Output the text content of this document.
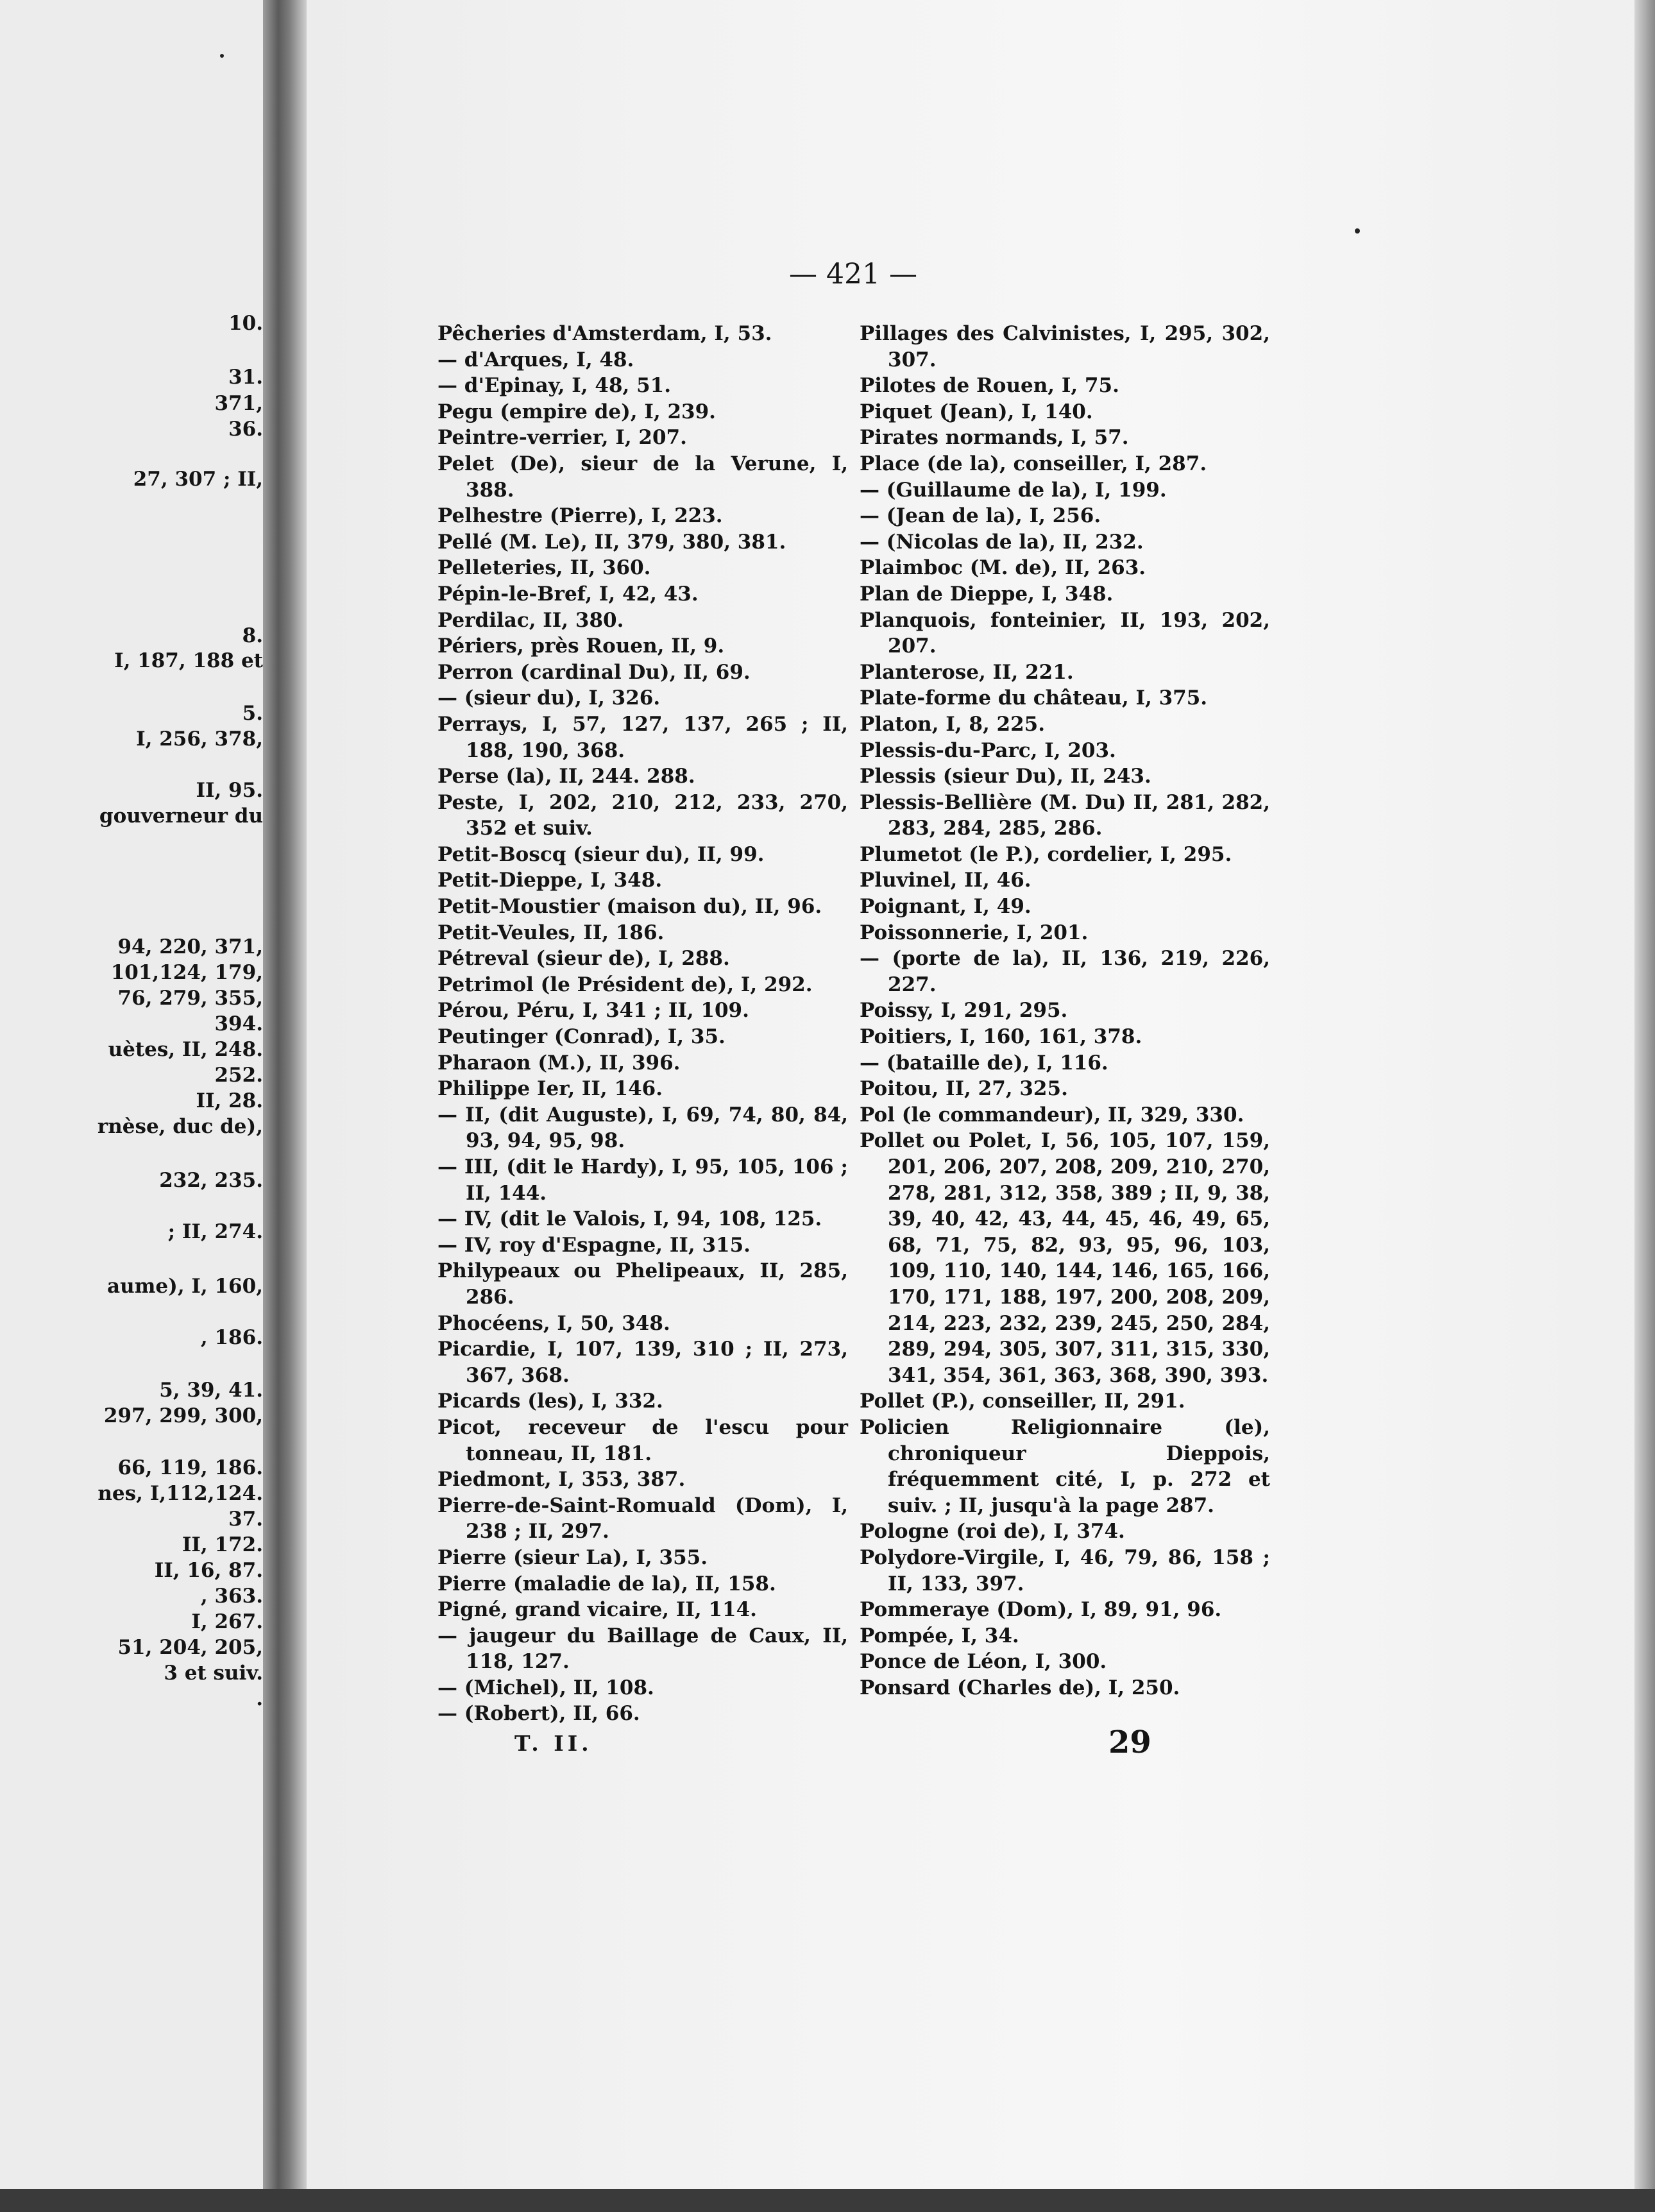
10.
31.
371,
36.
27, 307 ; II,
8.
I, 187, 188 et
5.
I, 256, 378,
II, 95.
gouverneur du
94, 220, 371,
101,124, 179,
76, 279, 355,
394.
uètes, II, 248.
252.
II, 28.
rnèse, duc de),
232, 235.
; II, 274.
aume), I, 160,
, 186.
5, 39, 41.
297, 299, 300,
66, 119, 186.
nes, I,112,124.
37.
II, 172.
II, 16, 87.
, 363.
I, 267.
51, 204, 205,
3 et suiv.
.
— 421 —
Pêcheries d'Amsterdam, I, 53.
— d'Arques, I, 48.
— d'Epinay, I, 48, 51.
Pegu (empire de), I, 239.
Peintre-verrier, I, 207.
Pelet (De), sieur de la Verune, I, 388.
Pelhestre (Pierre), I, 223.
Pellé (M. Le), II, 379, 380, 381.
Pelleteries, II, 360.
Pépin-le-Bref, I, 42, 43.
Perdilac, II, 380.
Périers, près Rouen, II, 9.
Perron (cardinal Du), II, 69.
— (sieur du), I, 326.
Perrays, I, 57, 127, 137, 265 ; II, 188, 190, 368.
Perse (la), II, 244. 288.
Peste, I, 202, 210, 212, 233, 270, 352 et suiv.
Petit-Boscq (sieur du), II, 99.
Petit-Dieppe, I, 348.
Petit-Moustier (maison du), II, 96.
Petit-Veules, II, 186.
Pétreval (sieur de), I, 288.
Petrimol (le Président de), I, 292.
Pérou, Péru, I, 341 ; II, 109.
Peutinger (Conrad), I, 35.
Pharaon (M.), II, 396.
Philippe Ier, II, 146.
— II, (dit Auguste), I, 69, 74, 80, 84, 93, 94, 95, 98.
— III, (dit le Hardy), I, 95, 105, 106 ; II, 144.
— IV, (dit le Valois, I, 94, 108, 125.
— IV, roy d'Espagne, II, 315.
Philypeaux ou Phelipeaux, II, 285, 286.
Phocéens, I, 50, 348.
Picardie, I, 107, 139, 310 ; II, 273, 367, 368.
Picards (les), I, 332.
Picot, receveur de l'escu pour tonneau, II, 181.
Piedmont, I, 353, 387.
Pierre-de-Saint-Romuald (Dom), I, 238 ; II, 297.
Pierre (sieur La), I, 355.
Pierre (maladie de la), II, 158.
Pigné, grand vicaire, II, 114.
— jaugeur du Baillage de Caux, II, 118, 127.
— (Michel), II, 108.
— (Robert), II, 66.
Pillages des Calvinistes, I, 295, 302, 307.
Pilotes de Rouen, I, 75.
Piquet (Jean), I, 140.
Pirates normands, I, 57.
Place (de la), conseiller, I, 287.
— (Guillaume de la), I, 199.
— (Jean de la), I, 256.
— (Nicolas de la), II, 232.
Plaimboc (M. de), II, 263.
Plan de Dieppe, I, 348.
Planquois, fonteinier, II, 193, 202, 207.
Planterose, II, 221.
Plate-forme du château, I, 375.
Platon, I, 8, 225.
Plessis-du-Parc, I, 203.
Plessis (sieur Du), II, 243.
Plessis-Bellière (M. Du) II, 281, 282, 283, 284, 285, 286.
Plumetot (le P.), cordelier, I, 295.
Pluvinel, II, 46.
Poignant, I, 49.
Poissonnerie, I, 201.
— (porte de la), II, 136, 219, 226, 227.
Poissy, I, 291, 295.
Poitiers, I, 160, 161, 378.
— (bataille de), I, 116.
Poitou, II, 27, 325.
Pol (le commandeur), II, 329, 330.
Pollet ou Polet, I, 56, 105, 107, 159, 201, 206, 207, 208, 209, 210, 270, 278, 281, 312, 358, 389 ; II, 9, 38, 39, 40, 42, 43, 44, 45, 46, 49, 65, 68, 71, 75, 82, 93, 95, 96, 103, 109, 110, 140, 144, 146, 165, 166, 170, 171, 188, 197, 200, 208, 209, 214, 223, 232, 239, 245, 250, 284, 289, 294, 305, 307, 311, 315, 330, 341, 354, 361, 363, 368, 390, 393.
Pollet (P.), conseiller, II, 291.
Policien Religionnaire (le), chroniqueur Dieppois, fréquemment cité, I, p. 272 et suiv. ; II, jusqu'à la page 287.
Pologne (roi de), I, 374.
Polydore-Virgile, I, 46, 79, 86, 158 ; II, 133, 397.
Pommeraye (Dom), I, 89, 91, 96.
Pompée, I, 34.
Ponce de Léon, I, 300.
Ponsard (Charles de), I, 250.
T. II.	29
